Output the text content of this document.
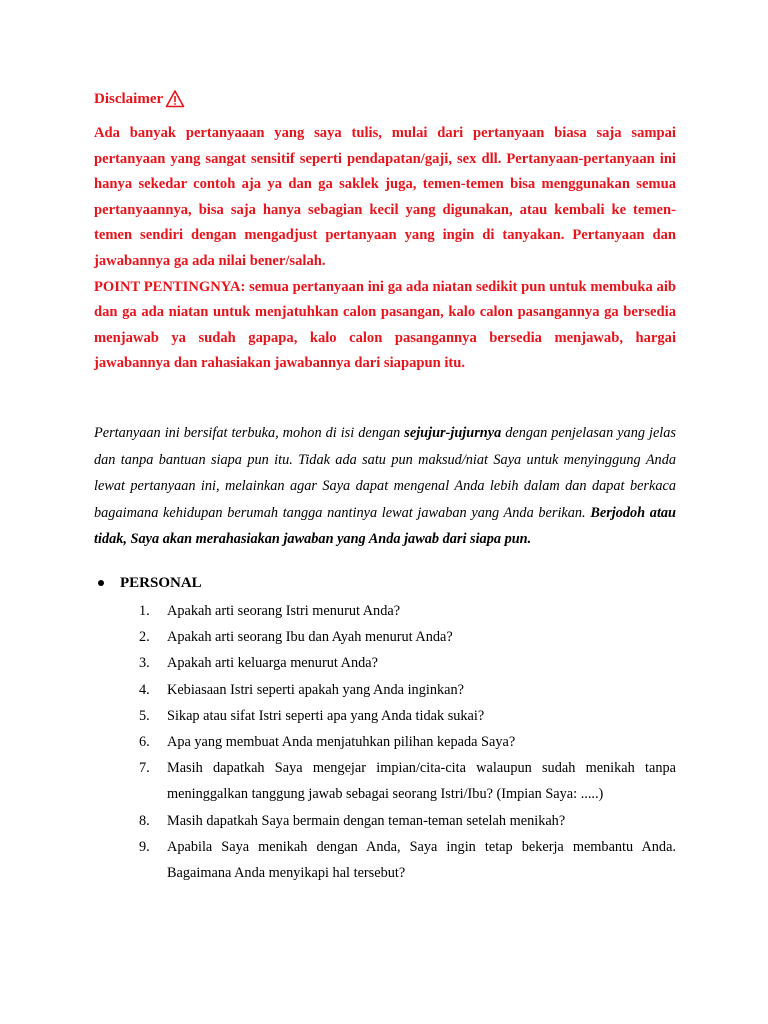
Disclaimer

Ada banyak pertanyaaan yang saya tulis, mulai dari pertanyaan biasa saja sampai pertanyaan yang sangat sensitif seperti pendapatan/gaji, sex dll. Pertanyaan-pertanyaan ini hanya sekedar contoh aja ya dan ga saklek juga, temen-temen bisa menggunakan semua pertanyaannya, bisa saja hanya sebagian kecil yang digunakan, atau kembali ke temen-temen sendiri dengan mengadjust pertanyaan yang ingin di tanyakan. Pertanyaan dan jawabannya ga ada nilai bener/salah.

POINT PENTINGNYA: semua pertanyaan ini ga ada niatan sedikit pun untuk membuka aib dan ga ada niatan untuk menjatuhkan calon pasangan, kalo calon pasangannya ga bersedia menjawab ya sudah gapapa, kalo calon pasangannya bersedia menjawab, hargai jawabannya dan rahasiakan jawabannya dari siapapun itu.

Pertanyaan ini bersifat terbuka, mohon di isi dengan sejujur-jujurnya dengan penjelasan yang jelas dan tanpa bantuan siapa pun itu. Tidak ada satu pun maksud/niat Saya untuk menyinggung Anda lewat pertanyaan ini, melainkan agar Saya dapat mengenal Anda lebih dalam dan dapat berkaca bagaimana kehidupan berumah tangga nantinya lewat jawaban yang Anda berikan. Berjodoh atau tidak, Saya akan merahasiakan jawaban yang Anda jawab dari siapa pun.

PERSONAL
1.	Apakah arti seorang Istri menurut Anda?
2.	Apakah arti seorang Ibu dan Ayah menurut Anda?
3.	Apakah arti keluarga menurut Anda?
4.	Kebiasaan Istri seperti apakah yang Anda inginkan?
5.	Sikap atau sifat Istri seperti apa yang Anda tidak sukai?
6.	Apa yang membuat Anda menjatuhkan pilihan kepada Saya?
7.	Masih dapatkah Saya mengejar impian/cita-cita walaupun sudah menikah tanpa meninggalkan tanggung jawab sebagai seorang Istri/Ibu? (Impian Saya: .....)
8.	Masih dapatkah Saya bermain dengan teman-teman setelah menikah?
9.	Apabila Saya menikah dengan Anda, Saya ingin tetap bekerja membantu Anda. Bagaimana Anda menyikapi hal tersebut?
